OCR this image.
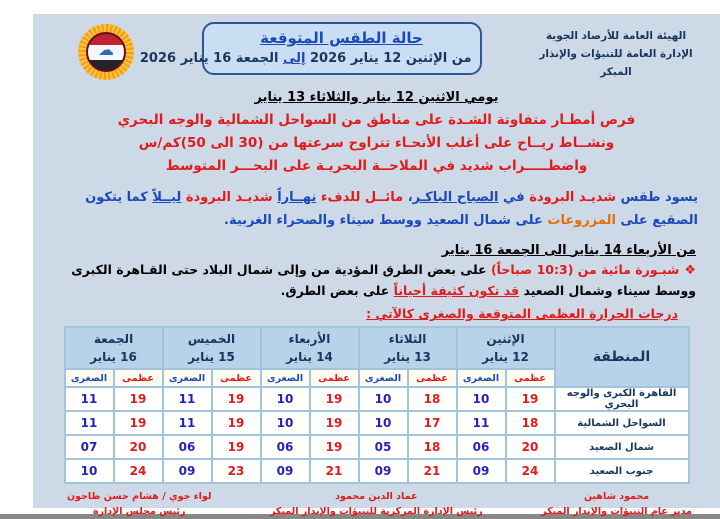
الهيئة العامة للأرصاد الجوية
الإدارة العامة للتنبؤات والإنذار المبكر
حالة الطقس المتوقعة
من الإثنين 12 يناير 2026 إلى الجمعة 16 يناير 2026
☁
يومي الاثنين 12 يناير والثلاثاء 13 يناير
فرص أمطـار متفاوتة الشـدة على مناطق من السواحل الشمالية والوجه البحري
ونشــاط ريــاح على أغلب الأنحـاء تتراوح سرعتها من (30 الى 50)كم/س
واضطـــــراب شديد في الملاحــة البحريـة على البحـــر المتوسط
يسود طقس شديـد البرودة في الصباح الباكـر، مائــل للدفء نهــاراً شديـد البرودة ليــلاً كما يتكون الصقيع على المزروعات على شمال الصعيد ووسط سيناء والصحراء الغربية.
من الأربعاء 14 يناير الى الجمعة 16 يناير
❖شبـورة مائية من (10:3 صباحاً) على بعض الطرق المؤدية من وإلى شمال البلاد حتى القـاهرة الكبرى ووسط سيناء وشمال الصعيد قد تكون كثيفة أحياناً على بعض الطرق.
درجات الحرارة العظمى المتوقعة والصغرى كالآتي :
المنطقة	
الإثنين
12 يناير

الثلاثاء
13 يناير

الأربعاء
14 يناير

الخميس
15 يناير

الجمعة
16 يناير

	عظمى	الصغرى	عظمى	الصغرى	عظمى	الصغرى	عظمى	الصغرى	عظمى	الصغرى
القاهرة الكبرى والوجه البحري	19	10	18	10	19	10	19	11	19	11
السواحل الشمالية	18	11	17	10	19	10	19	11	19	11
شمال الصعيد	20	06	18	05	19	06	19	06	20	07
جنوب الصعيد	24	09	21	09	21	09	23	09	24	10
محمود شاهين
مدير عام التنبؤات والإنذار المبكر
عماد الدين محمود
رئيس الإدارة المركزية للتنبؤات والإنذار المبكر
لواء جوي / هشام حسن طاحون
رئيس مجلس الإدارة
